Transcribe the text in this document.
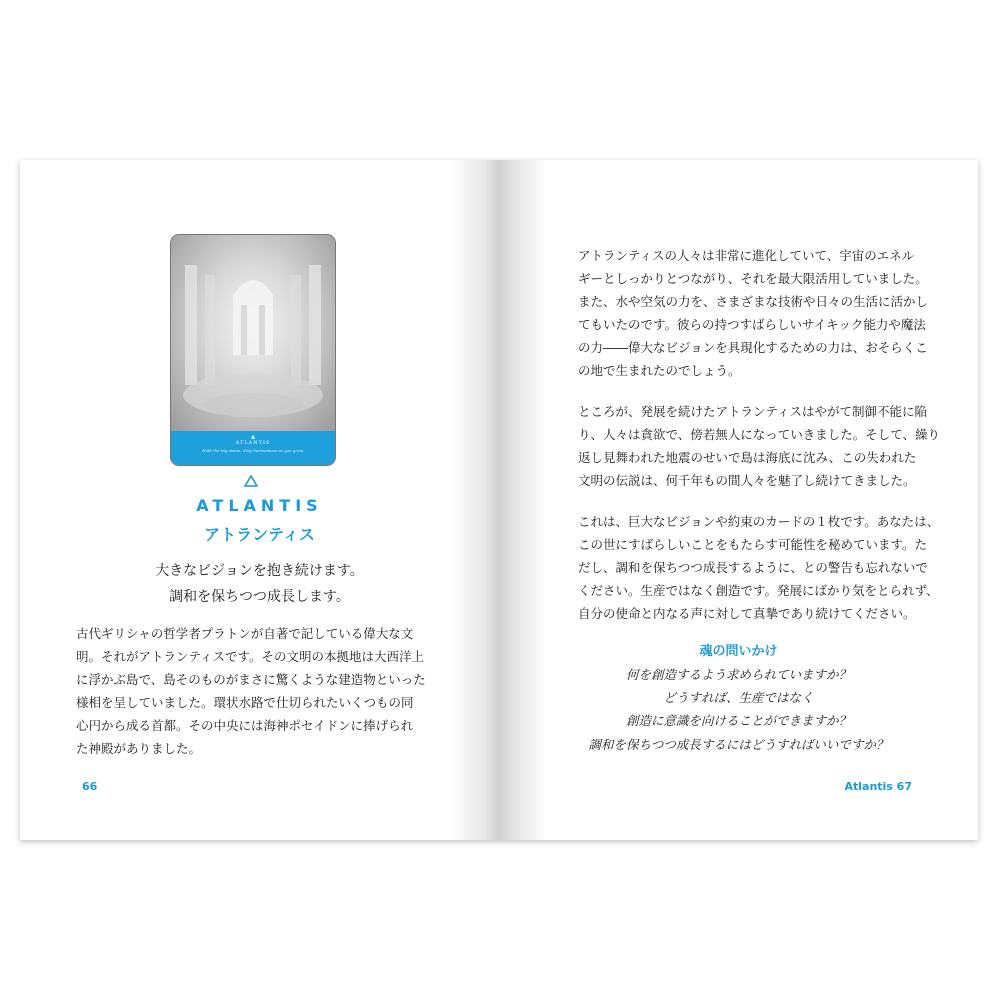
▲
ATLANTIS
Hold the big vision. Stay harmonious as you grow.
ATLANTIS
アトランティス
大きなビジョンを抱き続けます。
調和を保ちつつ成長します。
古代ギリシャの哲学者プラトンが自著で記している偉大な文
明。それがアトランティスです。その文明の本拠地は大西洋上
に浮かぶ島で、島そのものがまさに驚くような建造物といった
様相を呈していました。環状水路で仕切られたいくつもの同
心円から成る首都。その中央には海神ポセイドンに捧げられ
た神殿がありました。
66
アトランティスの人々は非常に進化していて、宇宙のエネル
ギーとしっかりとつながり、それを最大限活用していました。
また、水や空気の力を、さまざまな技術や日々の生活に活かし
てもいたのです。彼らの持つすばらしいサイキック能力や魔法
の力――偉大なビジョンを具現化するための力は、おそらくこ
の地で生まれたのでしょう。
ところが、発展を続けたアトランティスはやがて制御不能に陥
り、人々は貪欲で、傍若無人になっていきました。そして、繰り
返し見舞われた地震のせいで島は海底に沈み、この失われた
文明の伝説は、何千年もの間人々を魅了し続けてきました。
これは、巨大なビジョンや約束のカードの１枚です。あなたは、
この世にすばらしいことをもたらす可能性を秘めています。た
だし、調和を保ちつつ成長するように、との警告も忘れないで
ください。生産ではなく創造です。発展にばかり気をとられず、
自分の使命と内なる声に対して真摯であり続けてください。
魂の問いかけ
何を創造するよう求められていますか？
どうすれば、生産ではなく
創造に意識を向けることができますか？
調和を保ちつつ成長するにはどうすればいいですか？
Atlantis 67
